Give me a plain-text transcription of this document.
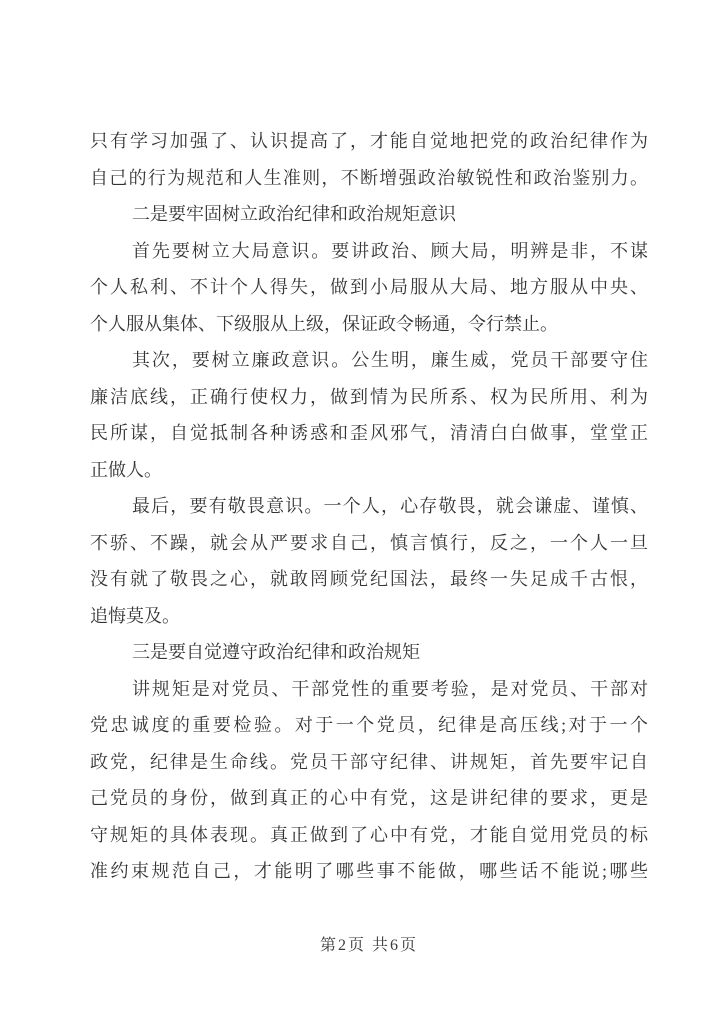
只有学习加强了、认识提高了，才能自觉地把党的政治纪律作为
自己的行为规范和人生准则，不断增强政治敏锐性和政治鉴别力。
二是要牢固树立政治纪律和政治规矩意识
首先要树立大局意识。要讲政治、顾大局，明辨是非，不谋
个人私利、不计个人得失，做到小局服从大局、地方服从中央、
个人服从集体、下级服从上级，保证政令畅通，令行禁止。
其次，要树立廉政意识。公生明，廉生威，党员干部要守住
廉洁底线，正确行使权力，做到情为民所系、权为民所用、利为
民所谋，自觉抵制各种诱惑和歪风邪气，清清白白做事，堂堂正
正做人。
最后，要有敬畏意识。一个人，心存敬畏，就会谦虚、谨慎、
不骄、不躁，就会从严要求自己，慎言慎行，反之，一个人一旦
没有就了敬畏之心，就敢罔顾党纪国法，最终一失足成千古恨，
追悔莫及。
三是要自觉遵守政治纪律和政治规矩
讲规矩是对党员、干部党性的重要考验，是对党员、干部对
党忠诚度的重要检验。对于一个党员，纪律是高压线;对于一个
政党，纪律是生命线。党员干部守纪律、讲规矩，首先要牢记自
己党员的身份，做到真正的心中有党，这是讲纪律的要求，更是
守规矩的具体表现。真正做到了心中有党，才能自觉用党员的标
准约束规范自己，才能明了哪些事不能做，哪些话不能说;哪些
第2页 共6页
